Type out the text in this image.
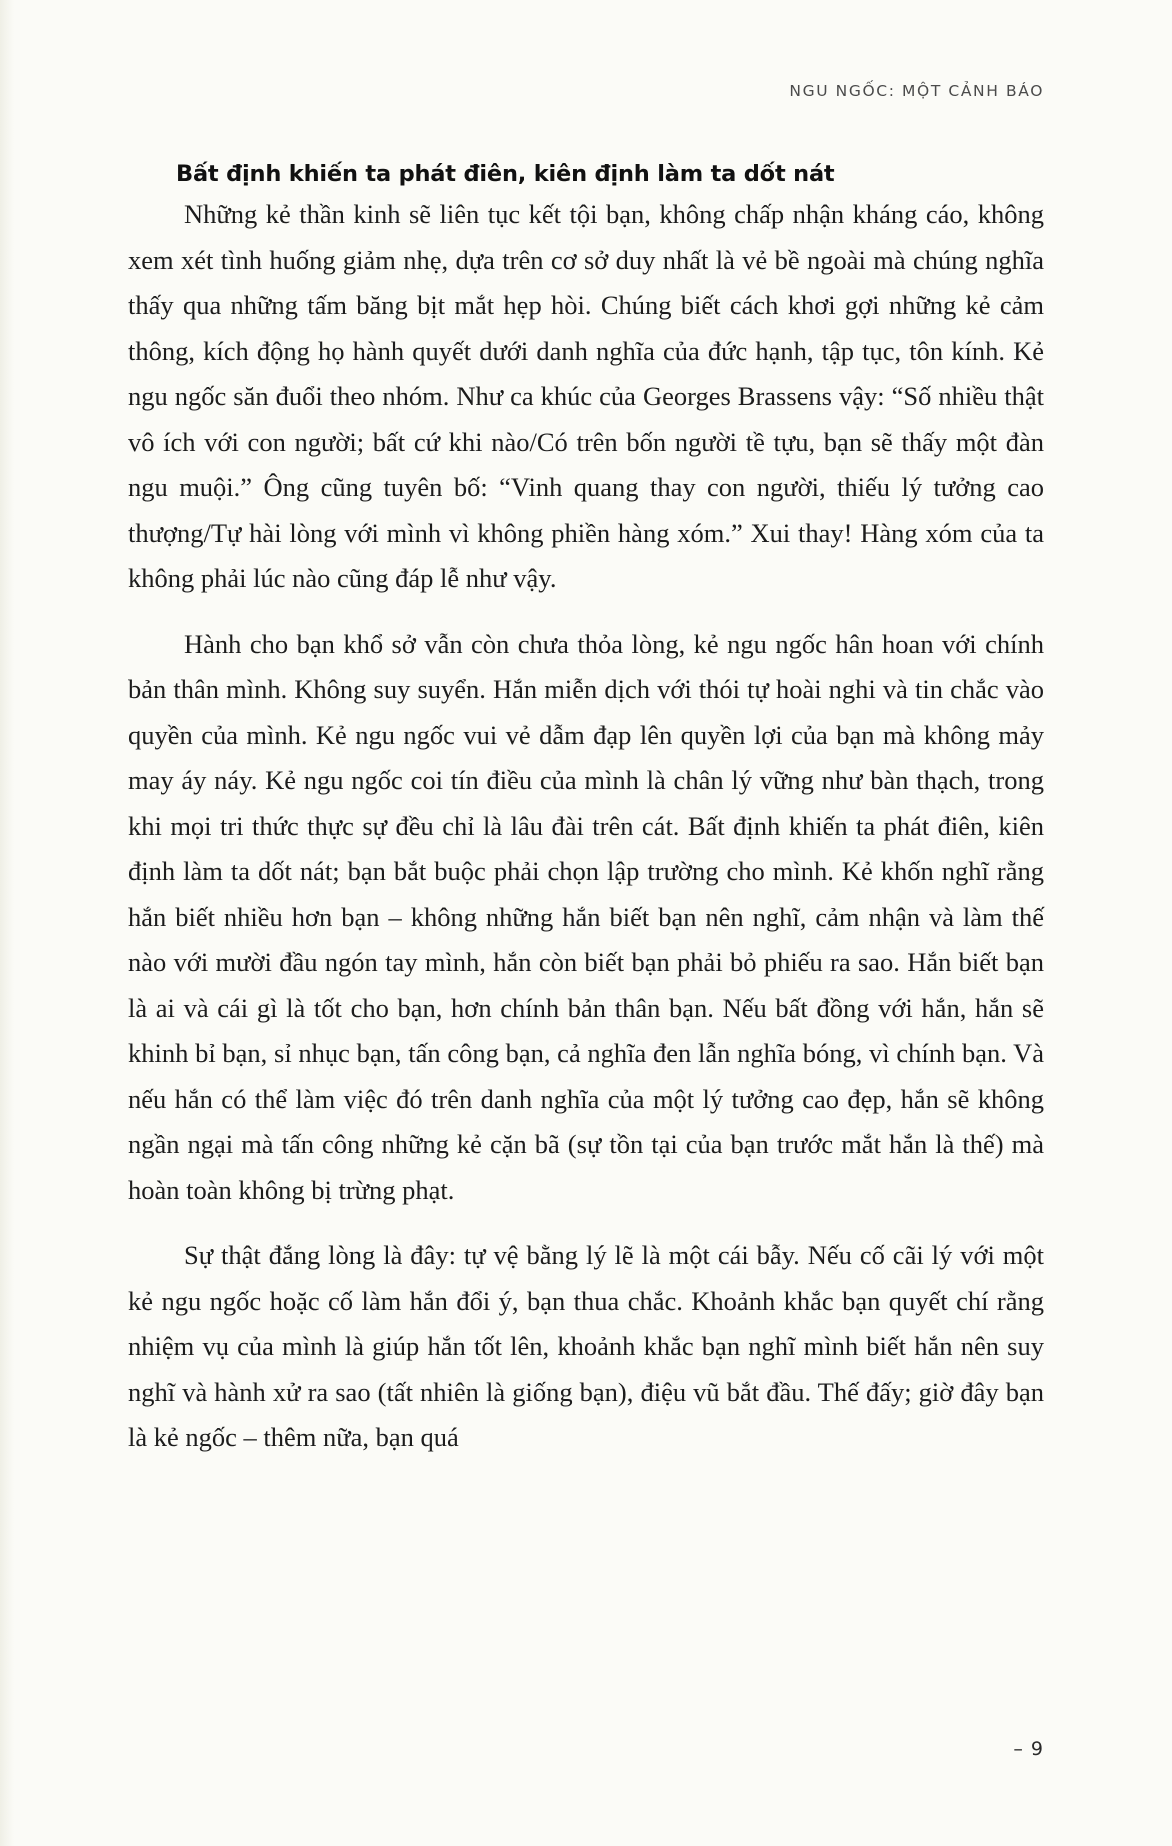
NGU NGỐC: MỘT CẢNH BÁO
Bất định khiến ta phát điên, kiên định làm ta dốt nát

Những kẻ thần kinh sẽ liên tục kết tội bạn, không chấp nhận kháng cáo, không xem xét tình huống giảm nhẹ, dựa trên cơ sở duy nhất là vẻ bề ngoài mà chúng nghĩa thấy qua những tấm băng bịt mắt hẹp hòi. Chúng biết cách khơi gợi những kẻ cảm thông, kích động họ hành quyết dưới danh nghĩa của đức hạnh, tập tục, tôn kính. Kẻ ngu ngốc săn đuổi theo nhóm. Như ca khúc của Georges Brassens vậy: “Số nhiều thật vô ích với con người; bất cứ khi nào/Có trên bốn người tề tựu, bạn sẽ thấy một đàn ngu muội.” Ông cũng tuyên bố: “Vinh quang thay con người, thiếu lý tưởng cao thượng/Tự hài lòng với mình vì không phiền hàng xóm.” Xui thay! Hàng xóm của ta không phải lúc nào cũng đáp lễ như vậy.

Hành cho bạn khổ sở vẫn còn chưa thỏa lòng, kẻ ngu ngốc hân hoan với chính bản thân mình. Không suy suyển. Hắn miễn dịch với thói tự hoài nghi và tin chắc vào quyền của mình. Kẻ ngu ngốc vui vẻ dẫm đạp lên quyền lợi của bạn mà không mảy may áy náy. Kẻ ngu ngốc coi tín điều của mình là chân lý vững như bàn thạch, trong khi mọi tri thức thực sự đều chỉ là lâu đài trên cát. Bất định khiến ta phát điên, kiên định làm ta dốt nát; bạn bắt buộc phải chọn lập trường cho mình. Kẻ khốn nghĩ rằng hắn biết nhiều hơn bạn – không những hắn biết bạn nên nghĩ, cảm nhận và làm thế nào với mười đầu ngón tay mình, hắn còn biết bạn phải bỏ phiếu ra sao. Hắn biết bạn là ai và cái gì là tốt cho bạn, hơn chính bản thân bạn. Nếu bất đồng với hắn, hắn sẽ khinh bỉ bạn, sỉ nhục bạn, tấn công bạn, cả nghĩa đen lẫn nghĩa bóng, vì chính bạn. Và nếu hắn có thể làm việc đó trên danh nghĩa của một lý tưởng cao đẹp, hắn sẽ không ngần ngại mà tấn công những kẻ cặn bã (sự tồn tại của bạn trước mắt hắn là thế) mà hoàn toàn không bị trừng phạt.

Sự thật đắng lòng là đây: tự vệ bằng lý lẽ là một cái bẫy. Nếu cố cãi lý với một kẻ ngu ngốc hoặc cố làm hắn đổi ý, bạn thua chắc. Khoảnh khắc bạn quyết chí rằng nhiệm vụ của mình là giúp hắn tốt lên, khoảnh khắc bạn nghĩ mình biết hắn nên suy nghĩ và hành xử ra sao (tất nhiên là giống bạn), điệu vũ bắt đầu. Thế đấy; giờ đây bạn là kẻ ngốc – thêm nữa, bạn quá

– 9
